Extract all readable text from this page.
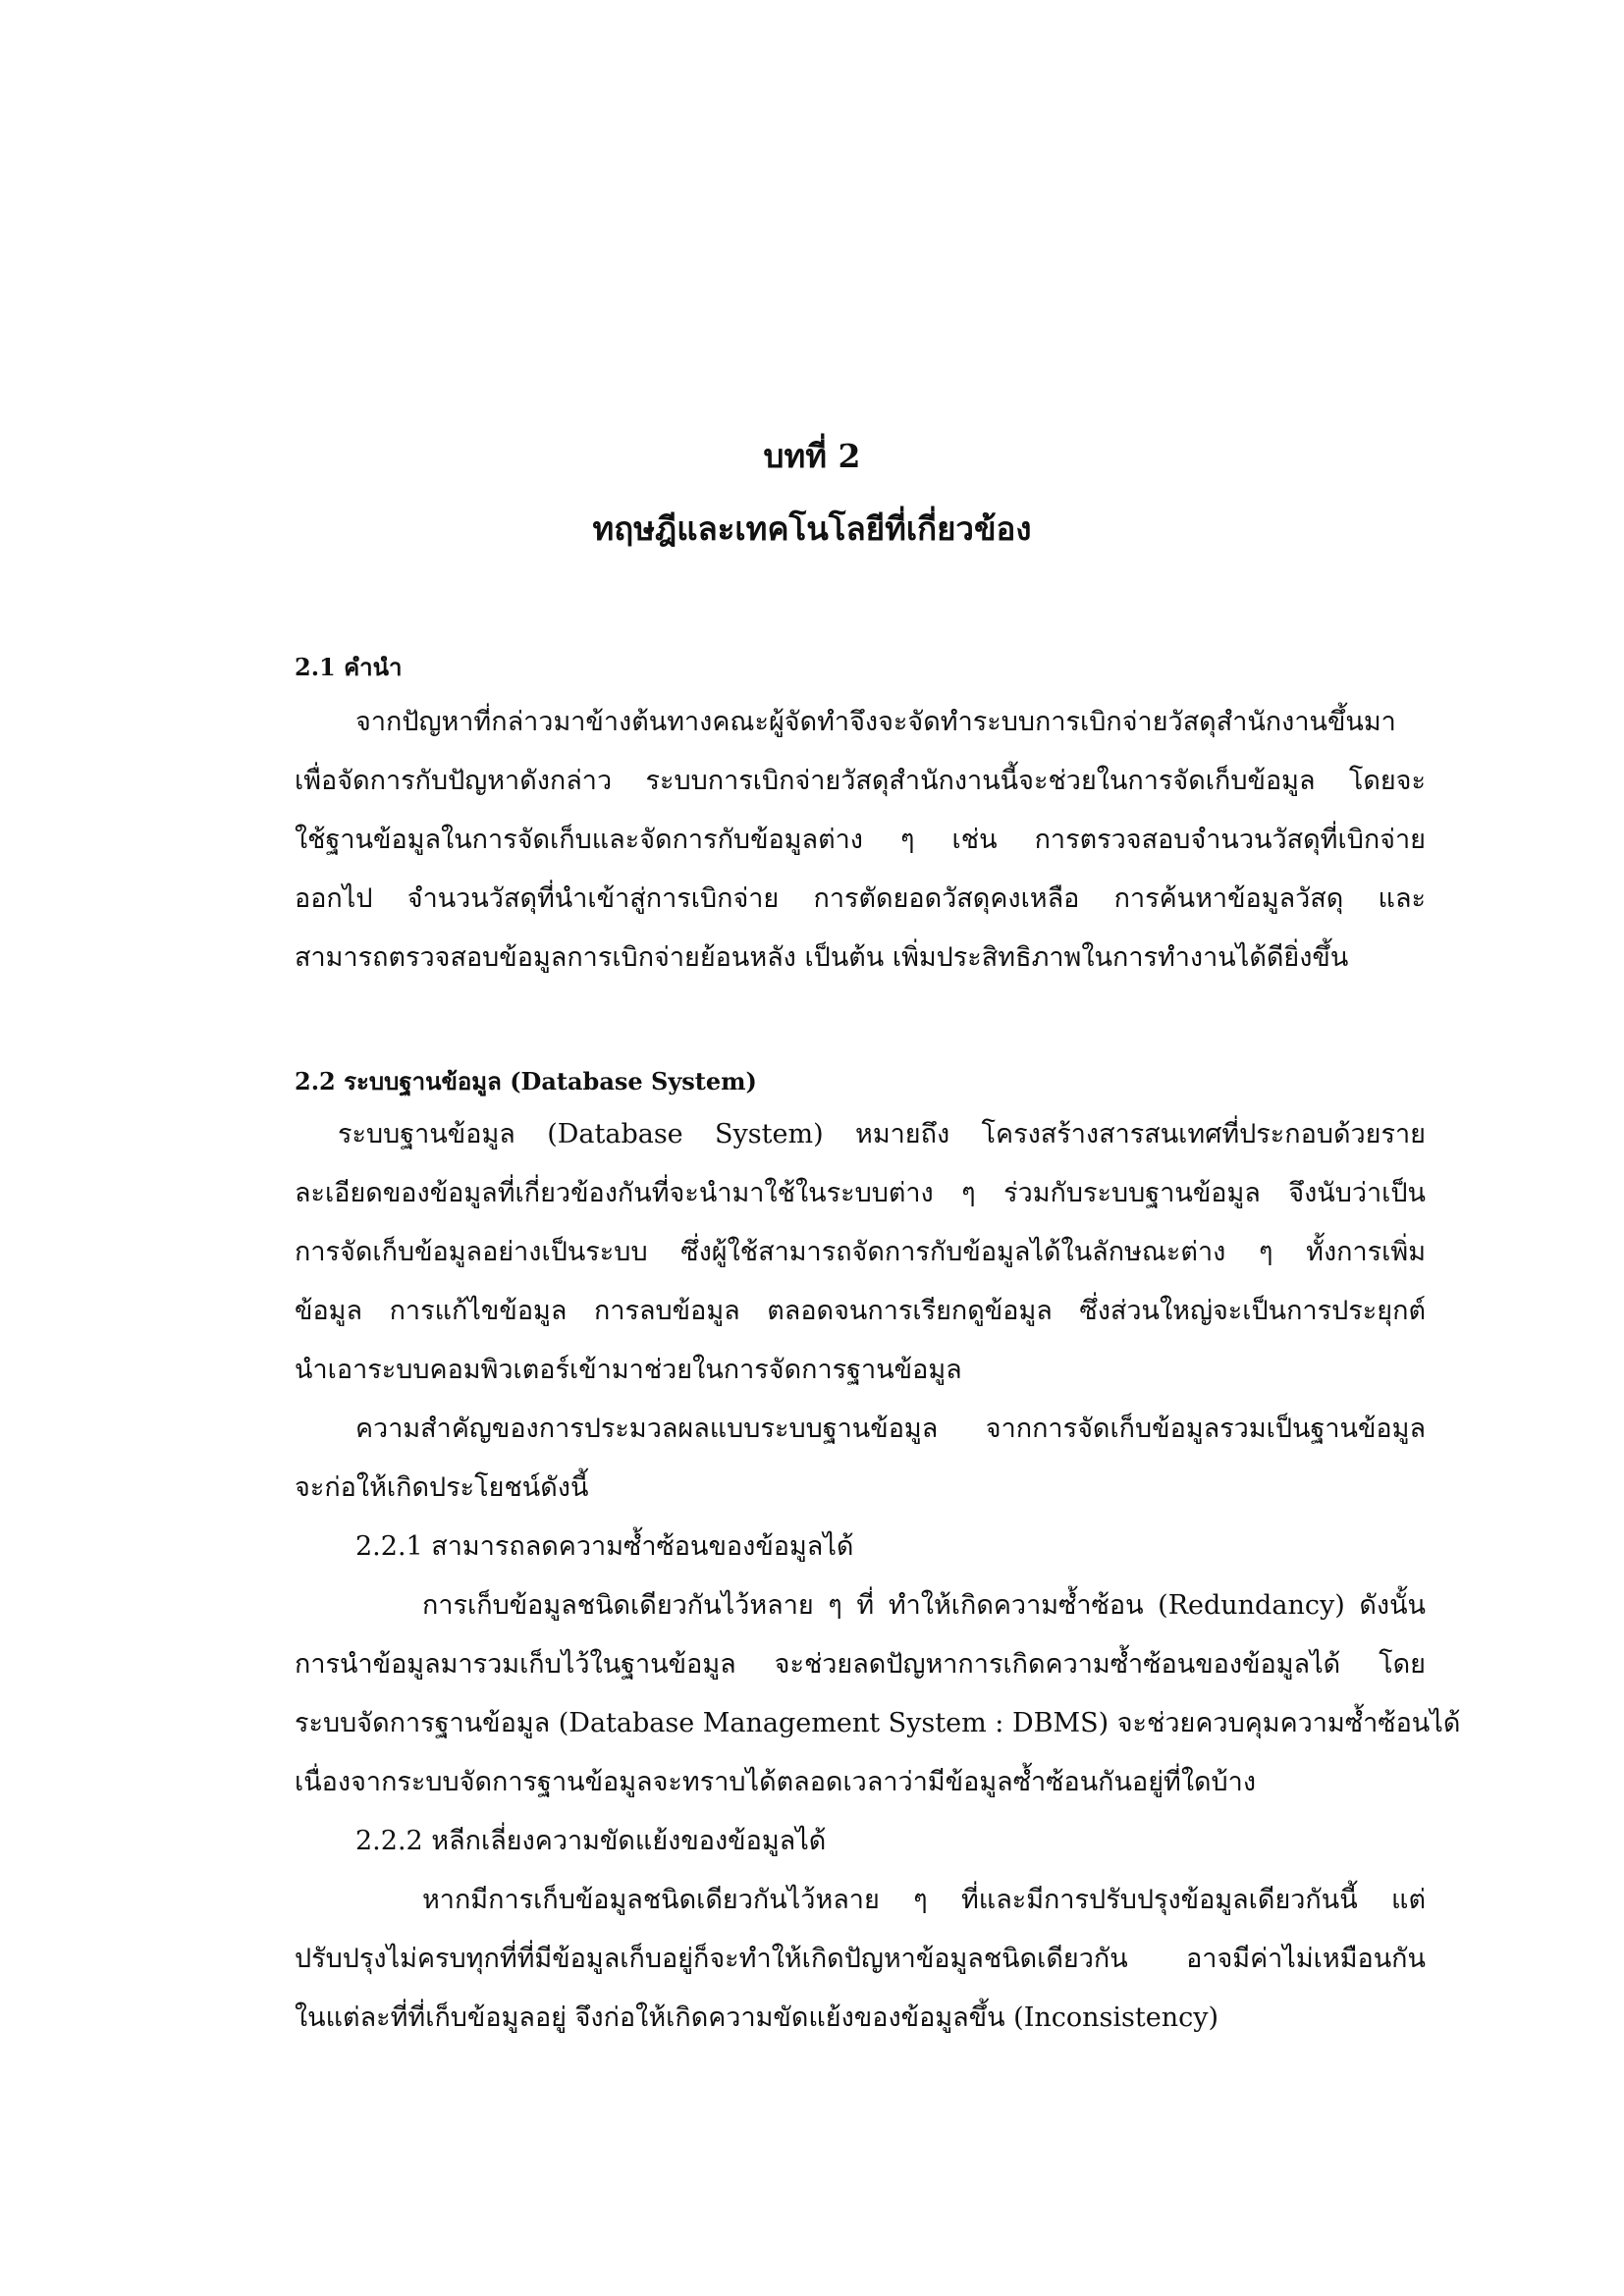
บทที่ 2
ทฤษฎีและเทคโนโลยีที่เกี่ยวข้อง
2.1 คำนำ
จากปัญหาที่กล่าวมาข้างต้นทางคณะผู้จัดทำจึงจะจัดทำระบบการเบิกจ่ายวัสดุสำนักงานขึ้นมา
เพื่อจัดการกับปัญหาดังกล่าว ระบบการเบิกจ่ายวัสดุสำนักงานนี้จะช่วยในการจัดเก็บข้อมูล โดยจะ
ใช้ฐานข้อมูลในการจัดเก็บและจัดการกับข้อมูลต่าง ๆ เช่น การตรวจสอบจำนวนวัสดุที่เบิกจ่าย
ออกไป จำนวนวัสดุที่นำเข้าสู่การเบิกจ่าย การตัดยอดวัสดุคงเหลือ การค้นหาข้อมูลวัสดุ และ
สามารถตรวจสอบข้อมูลการเบิกจ่ายย้อนหลัง เป็นต้น เพิ่มประสิทธิภาพในการทำงานได้ดียิ่งขึ้น
2.2 ระบบฐานข้อมูล (Database System)
ระบบฐานข้อมูล (Database System) หมายถึง โครงสร้างสารสนเทศที่ประกอบด้วยราย
ละเอียดของข้อมูลที่เกี่ยวข้องกันที่จะนำมาใช้ในระบบต่าง ๆ ร่วมกับระบบฐานข้อมูล จึงนับว่าเป็น
การจัดเก็บข้อมูลอย่างเป็นระบบ ซึ่งผู้ใช้สามารถจัดการกับข้อมูลได้ในลักษณะต่าง ๆ ทั้งการเพิ่ม
ข้อมูล การแก้ไขข้อมูล การลบข้อมูล ตลอดจนการเรียกดูข้อมูล ซึ่งส่วนใหญ่จะเป็นการประยุกต์
นำเอาระบบคอมพิวเตอร์เข้ามาช่วยในการจัดการฐานข้อมูล
ความสำคัญของการประมวลผลแบบระบบฐานข้อมูล จากการจัดเก็บข้อมูลรวมเป็นฐานข้อมูล
จะก่อให้เกิดประโยชน์ดังนี้
2.2.1 สามารถลดความซ้ำซ้อนของข้อมูลได้
การเก็บข้อมูลชนิดเดียวกันไว้หลาย ๆ ที่ ทำให้เกิดความซ้ำซ้อน (Redundancy) ดังนั้น
การนำข้อมูลมารวมเก็บไว้ในฐานข้อมูล จะช่วยลดปัญหาการเกิดความซ้ำซ้อนของข้อมูลได้ โดย
ระบบจัดการฐานข้อมูล (Database Management System : DBMS) จะช่วยควบคุมความซ้ำซ้อนได้
เนื่องจากระบบจัดการฐานข้อมูลจะทราบได้ตลอดเวลาว่ามีข้อมูลซ้ำซ้อนกันอยู่ที่ใดบ้าง
2.2.2 หลีกเลี่ยงความขัดแย้งของข้อมูลได้
หากมีการเก็บข้อมูลชนิดเดียวกันไว้หลาย ๆ ที่และมีการปรับปรุงข้อมูลเดียวกันนี้ แต่
ปรับปรุงไม่ครบทุกที่ที่มีข้อมูลเก็บอยู่ก็จะทำให้เกิดปัญหาข้อมูลชนิดเดียวกัน อาจมีค่าไม่เหมือนกัน
ในแต่ละที่ที่เก็บข้อมูลอยู่ จึงก่อให้เกิดความขัดแย้งของข้อมูลขึ้น (Inconsistency)
